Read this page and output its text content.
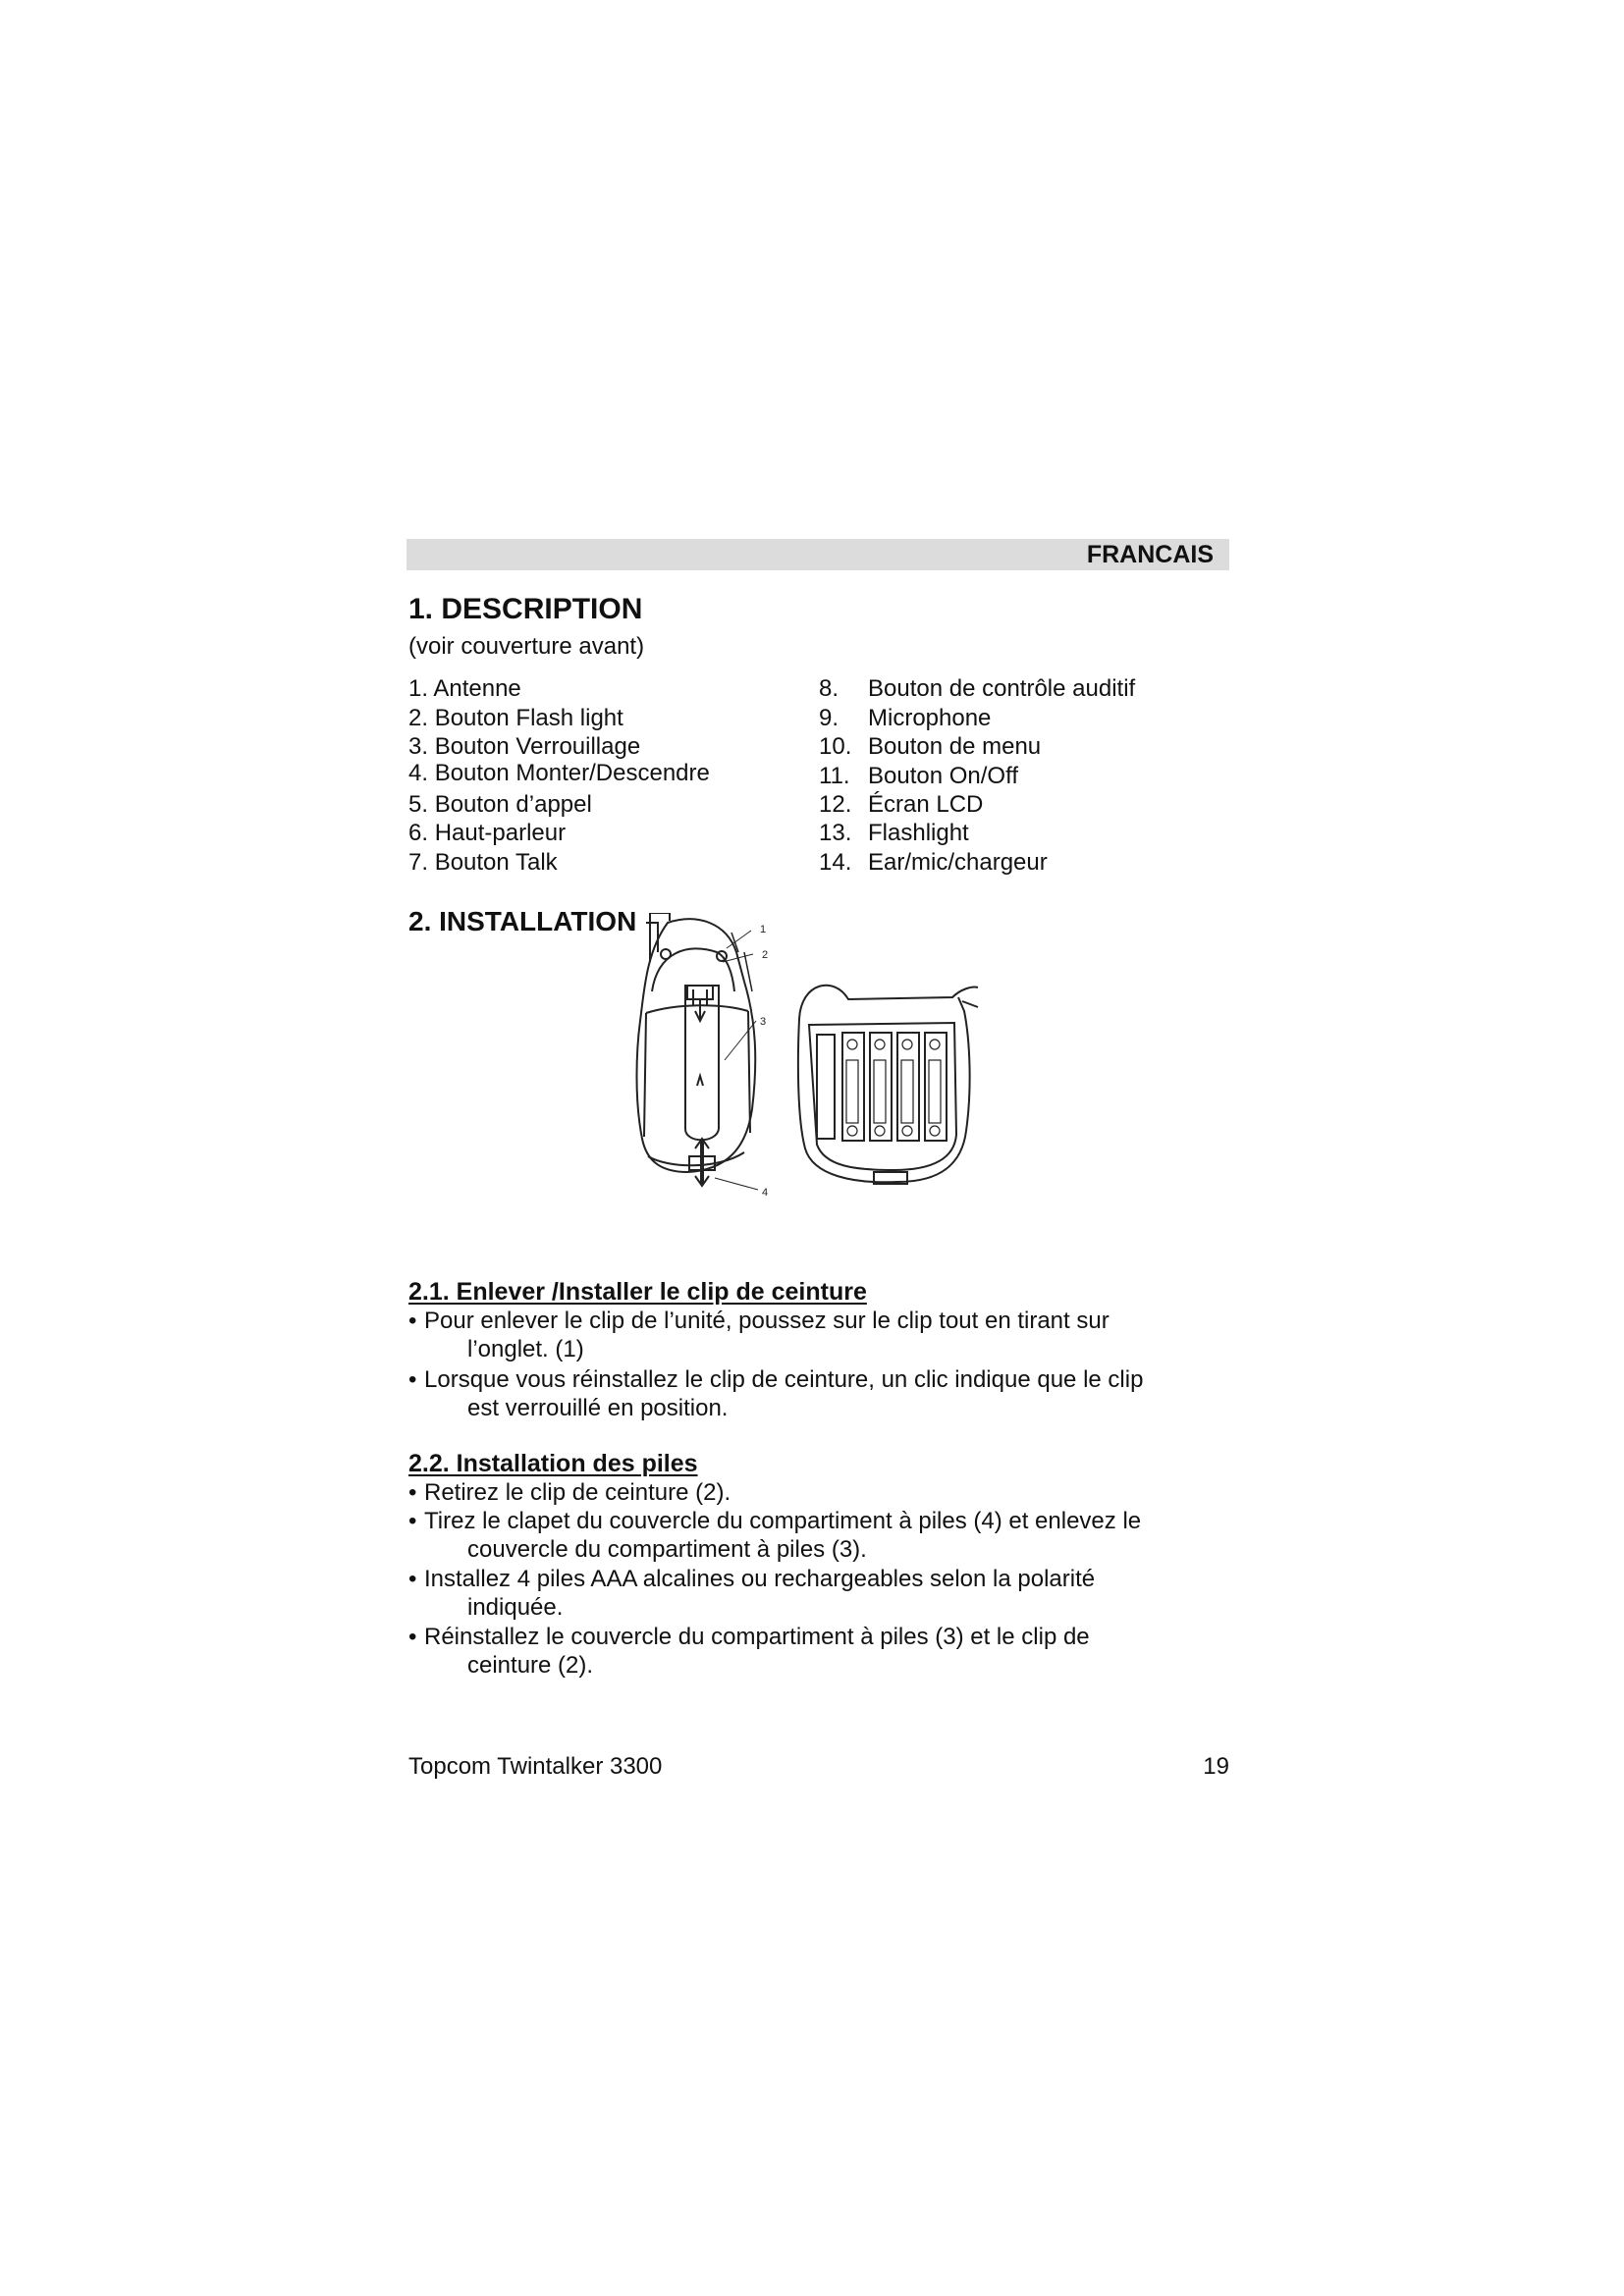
FRANCAIS
1. DESCRIPTION
(voir couverture avant)
1. Antenne
2. Bouton Flash light
3. Bouton Verrouillage
4. Bouton Monter/Descendre
5. Bouton d’appel
6. Haut-parleur
7. Bouton Talk
8. Bouton de contrôle auditif
9. Microphone
10. Bouton de menu
11. Bouton On/Off
12. Écran LCD
13. Flashlight
14. Ear/mic/chargeur
2. INSTALLATION	1
2
3
4
2.1. Enlever /Installer le clip de ceinture
• Pour enlever le clip de l’unité, poussez sur le clip tout en tirant sur
l’onglet. (1)
• Lorsque vous réinstallez le clip de ceinture, un clic indique que le clip
est verrouillé en position.
2.2. Installation des piles
• Retirez le clip de ceinture (2).
• Tirez le clapet du couvercle du compartiment à piles (4) et enlevez le
couvercle du compartiment à piles (3).
• Installez 4 piles AAA alcalines ou rechargeables selon la polarité
indiquée.
• Réinstallez le couvercle du compartiment à piles (3) et le clip de
ceinture (2).
Topcom Twintalker 3300	19
